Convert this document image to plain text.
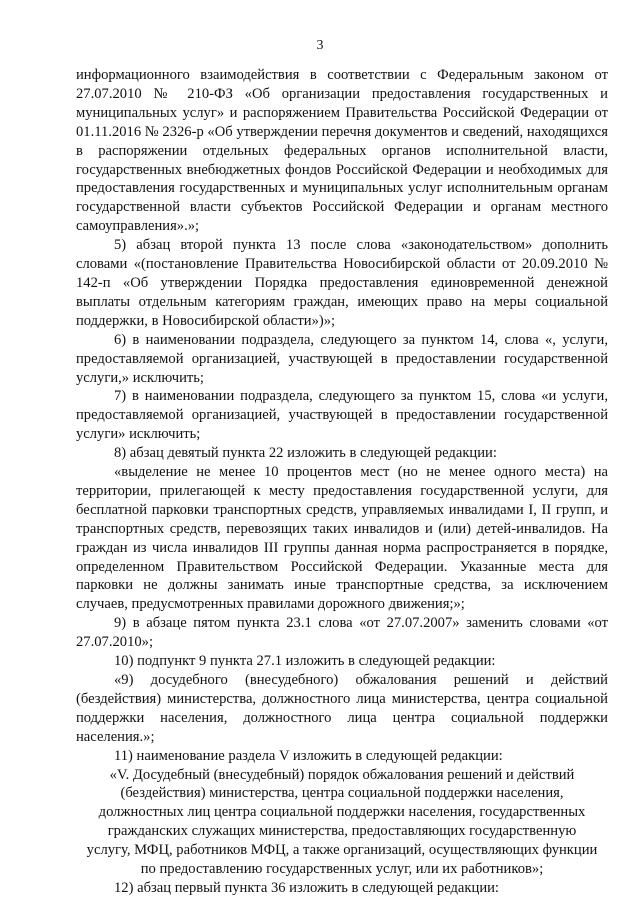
3

информационного взаимодействия в соответствии с Федеральным законом от 27.07.2010 № 210-ФЗ «Об организации предоставления государственных и муниципальных услуг» и распоряжением Правительства Российской Федерации от 01.11.2016 № 2326-р «Об утверждении перечня документов и сведений, находящихся в распоряжении отдельных федеральных органов исполнительной власти, государственных внебюджетных фондов Российской Федерации и необходимых для предоставления государственных и муниципальных услуг исполнительным органам государственной власти субъектов Российской Федерации и органам местного самоуправления».»;

5) абзац второй пункта 13 после слова «законодательством» дополнить словами «(постановление Правительства Новосибирской области от 20.09.2010 № 142-п «Об утверждении Порядка предоставления единовременной денежной выплаты отдельным категориям граждан, имеющих право на меры социальной поддержки, в Новосибирской области»)»;

6) в наименовании подраздела, следующего за пунктом 14, слова «, услуги, предоставляемой организацией, участвующей в предоставлении государственной услуги,» исключить;

7) в наименовании подраздела, следующего за пунктом 15, слова «и услуги, предоставляемой организацией, участвующей в предоставлении государственной услуги» исключить;

8) абзац девятый пункта 22 изложить в следующей редакции:

«выделение не менее 10 процентов мест (но не менее одного места) на территории, прилегающей к месту предоставления государственной услуги, для бесплатной парковки транспортных средств, управляемых инвалидами I, II групп, и транспортных средств, перевозящих таких инвалидов и (или) детей-инвалидов. На граждан из числа инвалидов III группы данная норма распространяется в порядке, определенном Правительством Российской Федерации. Указанные места для парковки не должны занимать иные транспортные средства, за исключением случаев, предусмотренных правилами дорожного движения;»;

9) в абзаце пятом пункта 23.1 слова «от 27.07.2007» заменить словами «от 27.07.2010»;

10) подпункт 9 пункта 27.1 изложить в следующей редакции:

«9) досудебного (внесудебного) обжалования решений и действий (бездействия) министерства, должностного лица министерства, центра социальной поддержки населения, должностного лица центра социальной поддержки населения.»;

11) наименование раздела V изложить в следующей редакции:

«V. Досудебный (внесудебный) порядок обжалования решений и действий (бездействия) министерства, центра социальной поддержки населения, должностных лиц центра социальной поддержки населения, государственных гражданских служащих министерства, предоставляющих государственную услугу, МФЦ, работников МФЦ, а также организаций, осуществляющих функции по предоставлению государственных услуг, или их работников»;

12) абзац первый пункта 36 изложить в следующей редакции:
